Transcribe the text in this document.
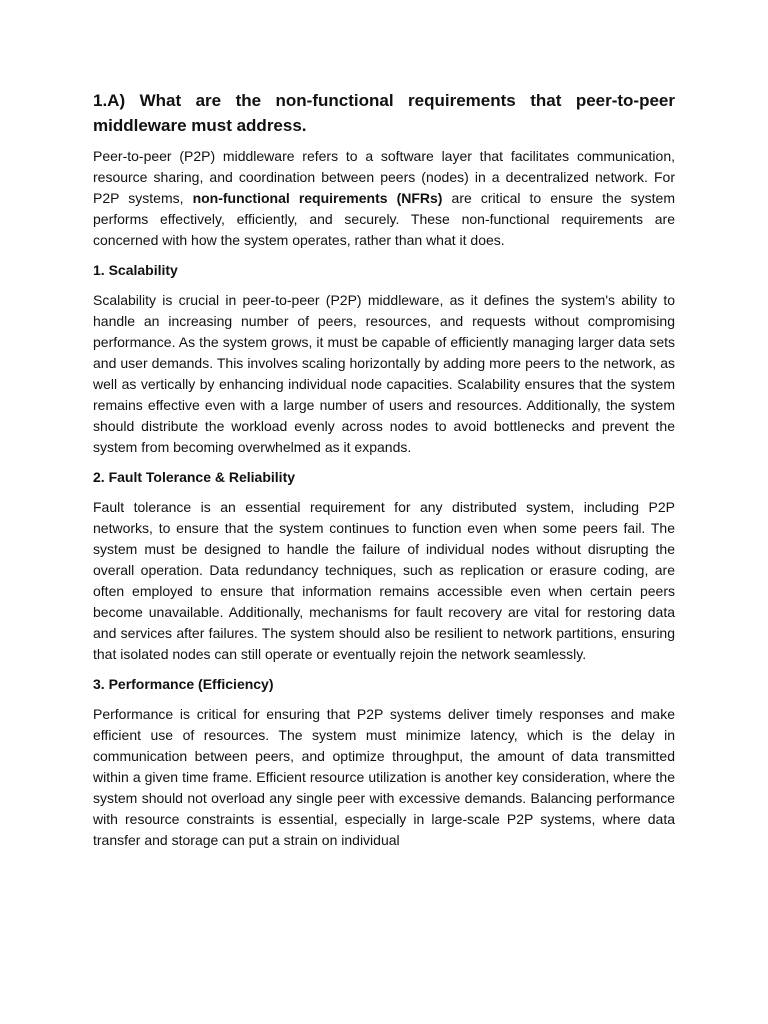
1.A) What are the non-functional requirements that peer-to-peer middleware must address.

Peer-to-peer (P2P) middleware refers to a software layer that facilitates communication, resource sharing, and coordination between peers (nodes) in a decentralized network. For P2P systems, non-functional requirements (NFRs) are critical to ensure the system performs effectively, efficiently, and securely. These non-functional requirements are concerned with how the system operates, rather than what it does.

1. Scalability

Scalability is crucial in peer-to-peer (P2P) middleware, as it defines the system's ability to handle an increasing number of peers, resources, and requests without compromising performance. As the system grows, it must be capable of efficiently managing larger data sets and user demands. This involves scaling horizontally by adding more peers to the network, as well as vertically by enhancing individual node capacities. Scalability ensures that the system remains effective even with a large number of users and resources. Additionally, the system should distribute the workload evenly across nodes to avoid bottlenecks and prevent the system from becoming overwhelmed as it expands.

2. Fault Tolerance & Reliability

Fault tolerance is an essential requirement for any distributed system, including P2P networks, to ensure that the system continues to function even when some peers fail. The system must be designed to handle the failure of individual nodes without disrupting the overall operation. Data redundancy techniques, such as replication or erasure coding, are often employed to ensure that information remains accessible even when certain peers become unavailable. Additionally, mechanisms for fault recovery are vital for restoring data and services after failures. The system should also be resilient to network partitions, ensuring that isolated nodes can still operate or eventually rejoin the network seamlessly.

3. Performance (Efficiency)

Performance is critical for ensuring that P2P systems deliver timely responses and make efficient use of resources. The system must minimize latency, which is the delay in communication between peers, and optimize throughput, the amount of data transmitted within a given time frame. Efficient resource utilization is another key consideration, where the system should not overload any single peer with excessive demands. Balancing performance with resource constraints is essential, especially in large-scale P2P systems, where data transfer and storage can put a strain on individual
